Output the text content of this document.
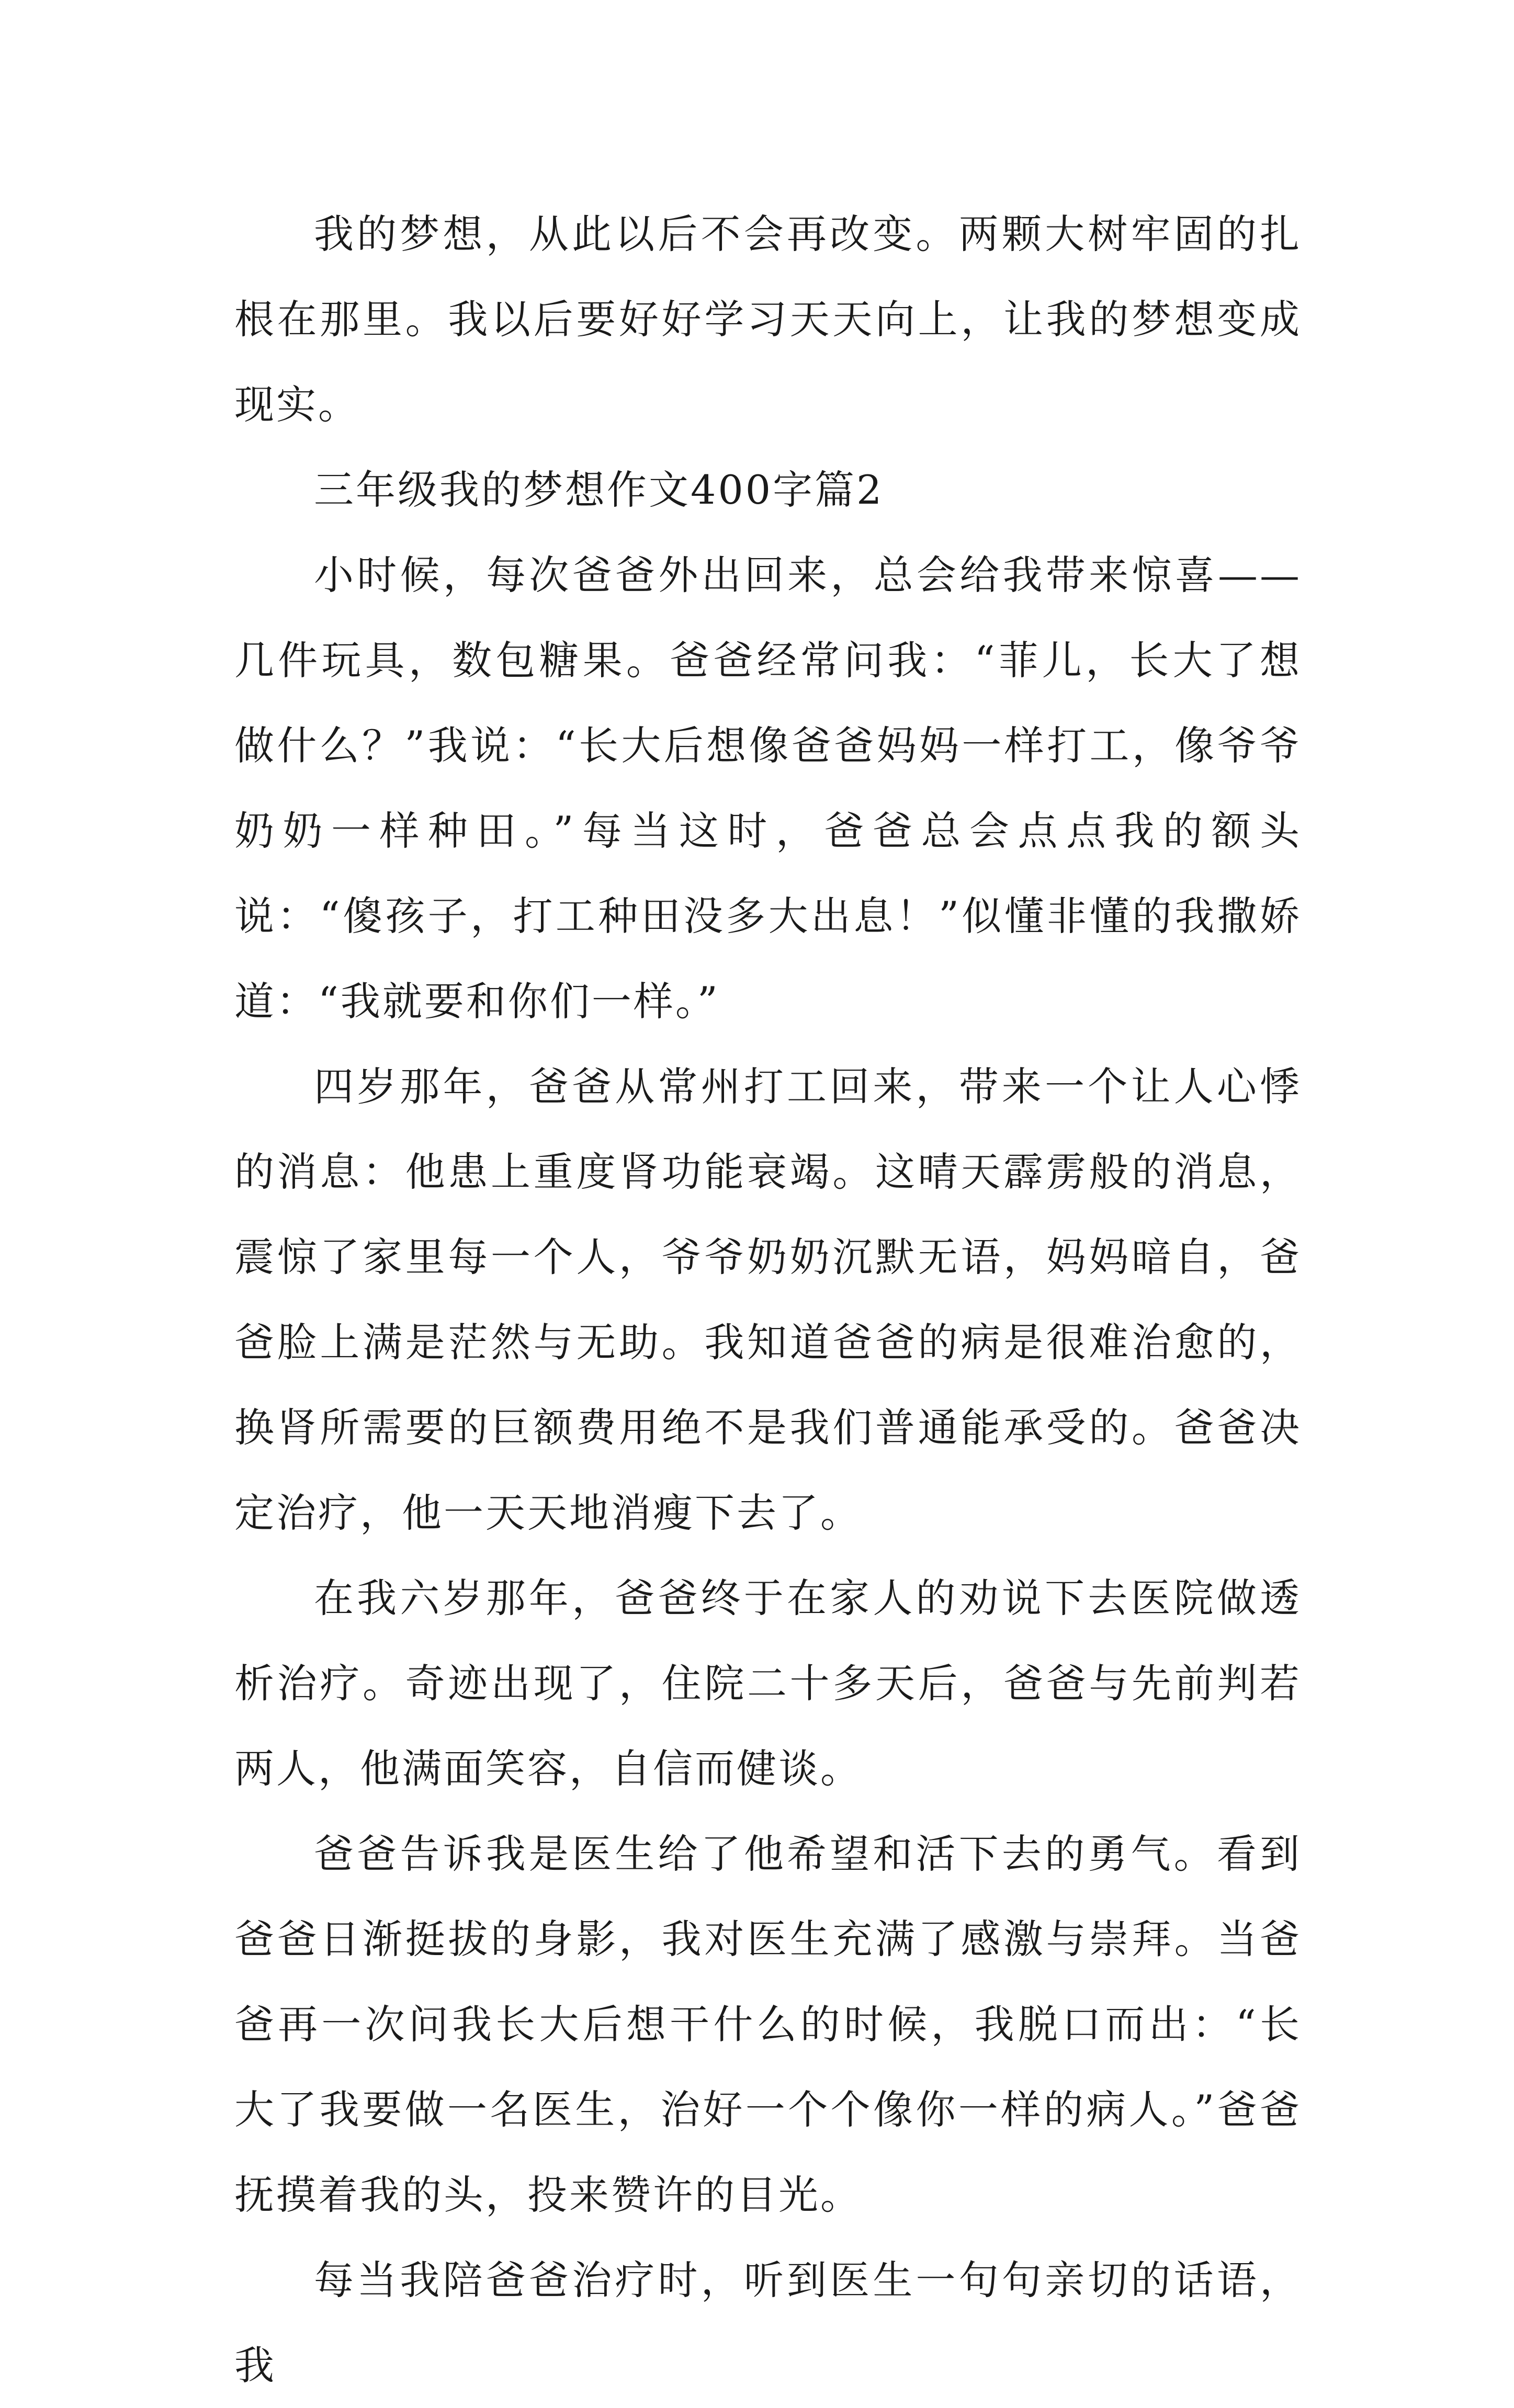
我的梦想，从此以后不会再改变。两颗大树牢固的扎根在那里。我以后要好好学习天天向上，让我的梦想变成现实。

三年级我的梦想作文400字篇2

小时候，每次爸爸外出回来，总会给我带来惊喜——几件玩具，数包糖果。爸爸经常问我：“菲儿，长大了想做什么？”我说：“长大后想像爸爸妈妈一样打工，像爷爷奶奶一样种田。”每当这时，爸爸总会点点我的额头说：“傻孩子，打工种田没多大出息！”似懂非懂的我撒娇道：“我就要和你们一样。”

四岁那年，爸爸从常州打工回来，带来一个让人心悸的消息：他患上重度肾功能衰竭。这晴天霹雳般的消息，震惊了家里每一个人，爷爷奶奶沉默无语，妈妈暗自，爸爸脸上满是茫然与无助。我知道爸爸的病是很难治愈的，换肾所需要的巨额费用绝不是我们普通能承受的。爸爸决定治疗，他一天天地消瘦下去了。

在我六岁那年，爸爸终于在家人的劝说下去医院做透析治疗。奇迹出现了，住院二十多天后，爸爸与先前判若两人，他满面笑容，自信而健谈。

爸爸告诉我是医生给了他希望和活下去的勇气。看到爸爸日渐挺拔的身影，我对医生充满了感激与崇拜。当爸爸再一次问我长大后想干什么的时候，我脱口而出：“长大了我要做一名医生，治好一个个像你一样的病人。”爸爸抚摸着我的头，投来赞许的目光。

每当我陪爸爸治疗时，听到医生一句句亲切的话语，我
